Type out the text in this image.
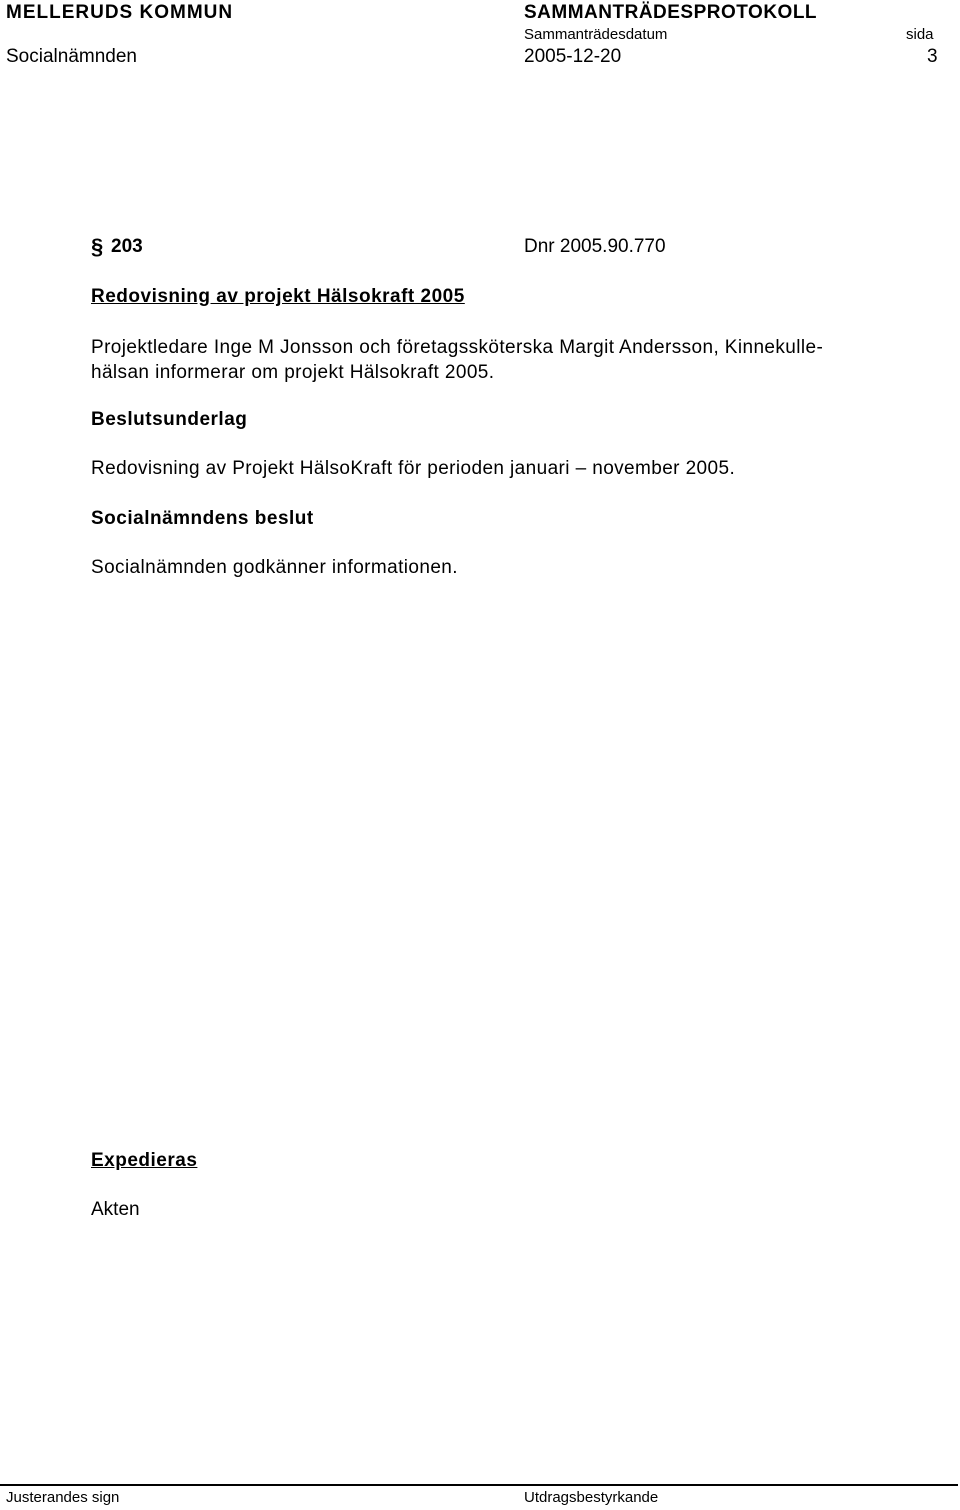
MELLERUDS KOMMUN	SAMMANTRÄDESPROTOKOLL
Sammanträdesdatum	sida
Socialnämnden	2005-12-20	3
§ 203	Dnr 2005.90.770
Redovisning av projekt Hälsokraft 2005
Projektledare Inge M Jonsson och företagssköterska Margit Andersson, Kinnekulle-
hälsan informerar om projekt Hälsokraft 2005.
Beslutsunderlag
Redovisning av Projekt HälsoKraft för perioden januari – november 2005.
Socialnämndens beslut
Socialnämnden godkänner informationen.
Expedieras
Akten
Justerandes sign	Utdragsbestyrkande
